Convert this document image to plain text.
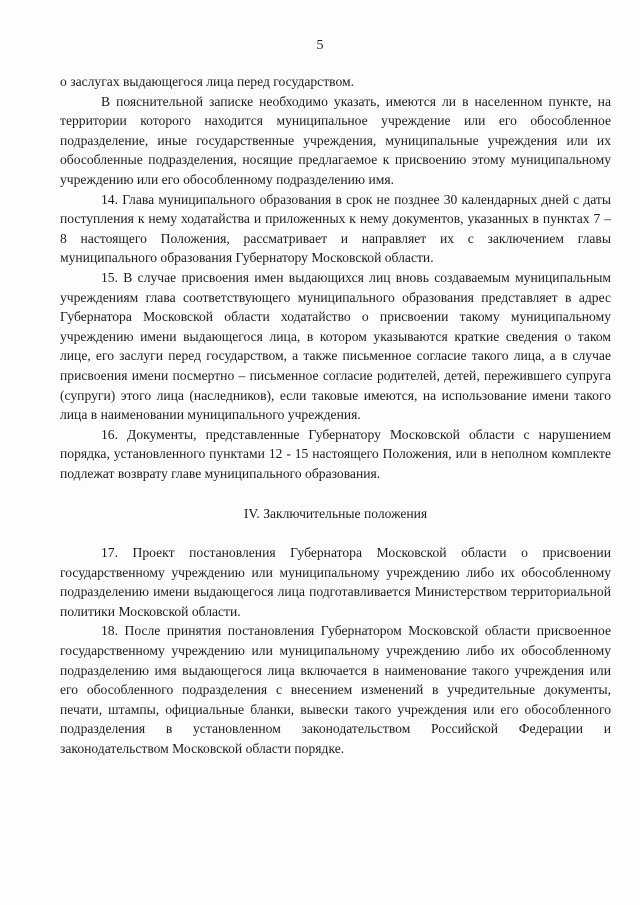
5

о заслугах выдающегося лица перед государством.

В пояснительной записке необходимо указать, имеются ли в населенном пункте, на территории которого находится муниципальное учреждение или его обособленное подразделение, иные государственные учреждения, муниципальные учреждения или их обособленные подразделения, носящие предлагаемое к присвоению этому муниципальному учреждению или его обособленному подразделению имя.

14. Глава муниципального образования в срок не позднее 30 календарных дней с даты поступления к нему ходатайства и приложенных к нему документов, указанных в пунктах 7 – 8 настоящего Положения, рассматривает и направляет их с заключением главы муниципального образования Губернатору Московской области.

15. В случае присвоения имен выдающихся лиц вновь создаваемым муниципальным учреждениям глава соответствующего муниципального образования представляет в адрес Губернатора Московской области ходатайство о присвоении такому муниципальному учреждению имени выдающегося лица, в котором указываются краткие сведения о таком лице, его заслуги перед государством, а также письменное согласие такого лица, а в случае присвоения имени посмертно – письменное согласие родителей, детей, пережившего супруга (супруги) этого лица (наследников), если таковые имеются, на использование имени такого лица в наименовании муниципального учреждения.

16. Документы, представленные Губернатору Московской области с нарушением порядка, установленного пунктами 12 - 15 настоящего Положения, или в неполном комплекте подлежат возврату главе муниципального образования.

IV. Заключительные положения

17. Проект постановления Губернатора Московской области о присвоении государственному учреждению или муниципальному учреждению либо их обособленному подразделению имени выдающегося лица подготавливается Министерством территориальной политики Московской области.

18. После принятия постановления Губернатором Московской области присвоенное государственному учреждению или муниципальному учреждению либо их обособленному подразделению имя выдающегося лица включается в наименование такого учреждения или его обособленного подразделения с внесением изменений в учредительные документы, печати, штампы, официальные бланки, вывески такого учреждения или его обособленного подразделения в установленном законодательством Российской Федерации и законодательством Московской области порядке.
